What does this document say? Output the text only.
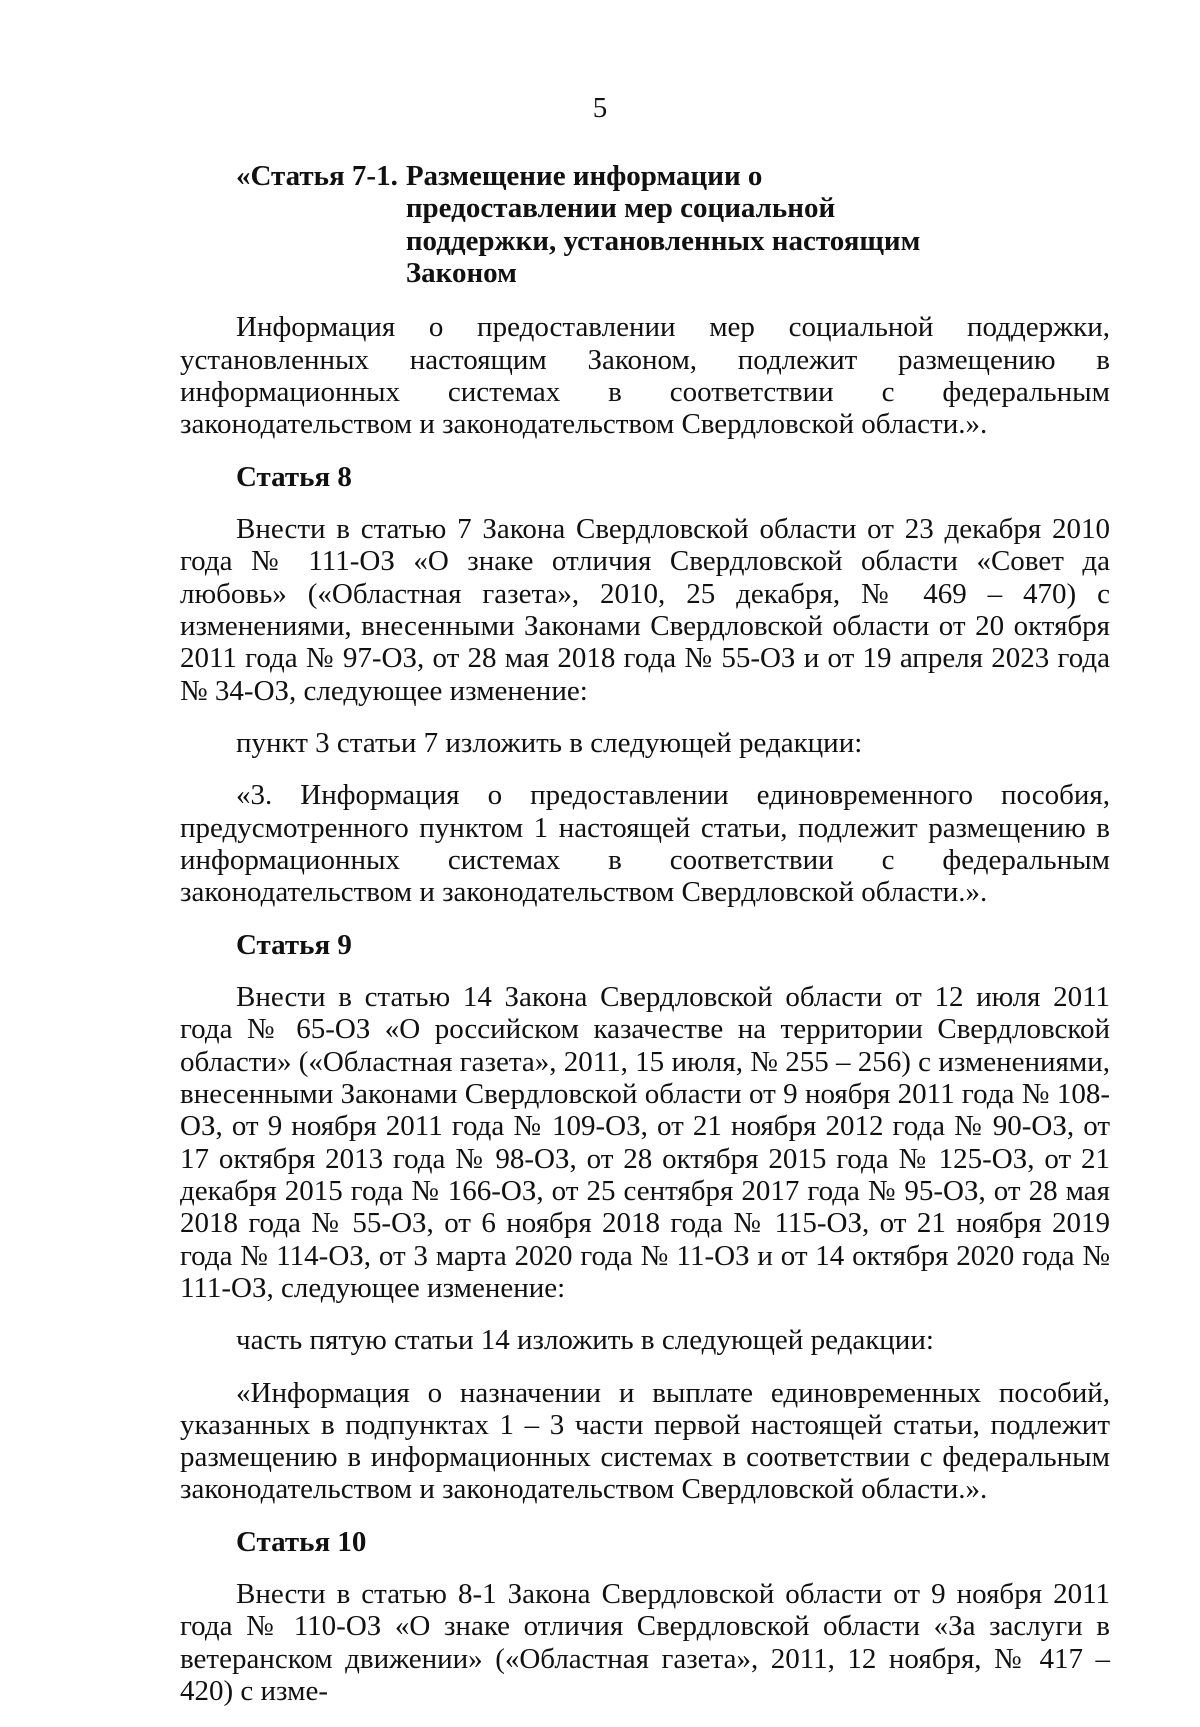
5
«Статья 7-1. Размещение информации о предоставлении мер социальной поддержки, установленных настоящим Законом

Информация о предоставлении мер социальной поддержки, установленных настоящим Законом, подлежит размещению в информационных системах в соответствии с федеральным законодательством и законодательством Свердловской области.».

Статья 8

Внести в статью 7 Закона Свердловской области от 23 декабря 2010 года № 111-ОЗ «О знаке отличия Свердловской области «Совет да любовь» («Областная газета», 2010, 25 декабря, № 469 – 470) с изменениями, внесенными Законами Свердловской области от 20 октября 2011 года № 97-ОЗ, от 28 мая 2018 года № 55-ОЗ и от 19 апреля 2023 года № 34-ОЗ, следующее изменение:

пункт 3 статьи 7 изложить в следующей редакции:

«3. Информация о предоставлении единовременного пособия, предусмотренного пунктом 1 настоящей статьи, подлежит размещению в информационных системах в соответствии с федеральным законодательством и законодательством Свердловской области.».

Статья 9

Внести в статью 14 Закона Свердловской области от 12 июля 2011 года № 65-ОЗ «О российском казачестве на территории Свердловской области» («Областная газета», 2011, 15 июля, № 255 – 256) с изменениями, внесенными Законами Свердловской области от 9 ноября 2011 года № 108-ОЗ, от 9 ноября 2011 года № 109-ОЗ, от 21 ноября 2012 года № 90-ОЗ, от 17 октября 2013 года № 98-ОЗ, от 28 октября 2015 года № 125-ОЗ, от 21 декабря 2015 года № 166-ОЗ, от 25 сентября 2017 года № 95-ОЗ, от 28 мая 2018 года № 55-ОЗ, от 6 ноября 2018 года № 115-ОЗ, от 21 ноября 2019 года № 114-ОЗ, от 3 марта 2020 года № 11-ОЗ и от 14 октября 2020 года № 111-ОЗ, следующее изменение:

часть пятую статьи 14 изложить в следующей редакции:

«Информация о назначении и выплате единовременных пособий, указанных в подпунктах 1 – 3 части первой настоящей статьи, подлежит размещению в информационных системах в соответствии с федеральным законодательством и законодательством Свердловской области.».

Статья 10

Внести в статью 8-1 Закона Свердловской области от 9 ноября 2011 года № 110-ОЗ «О знаке отличия Свердловской области «За заслуги в ветеранском движении» («Областная газета», 2011, 12 ноября, № 417 – 420) с изме-
